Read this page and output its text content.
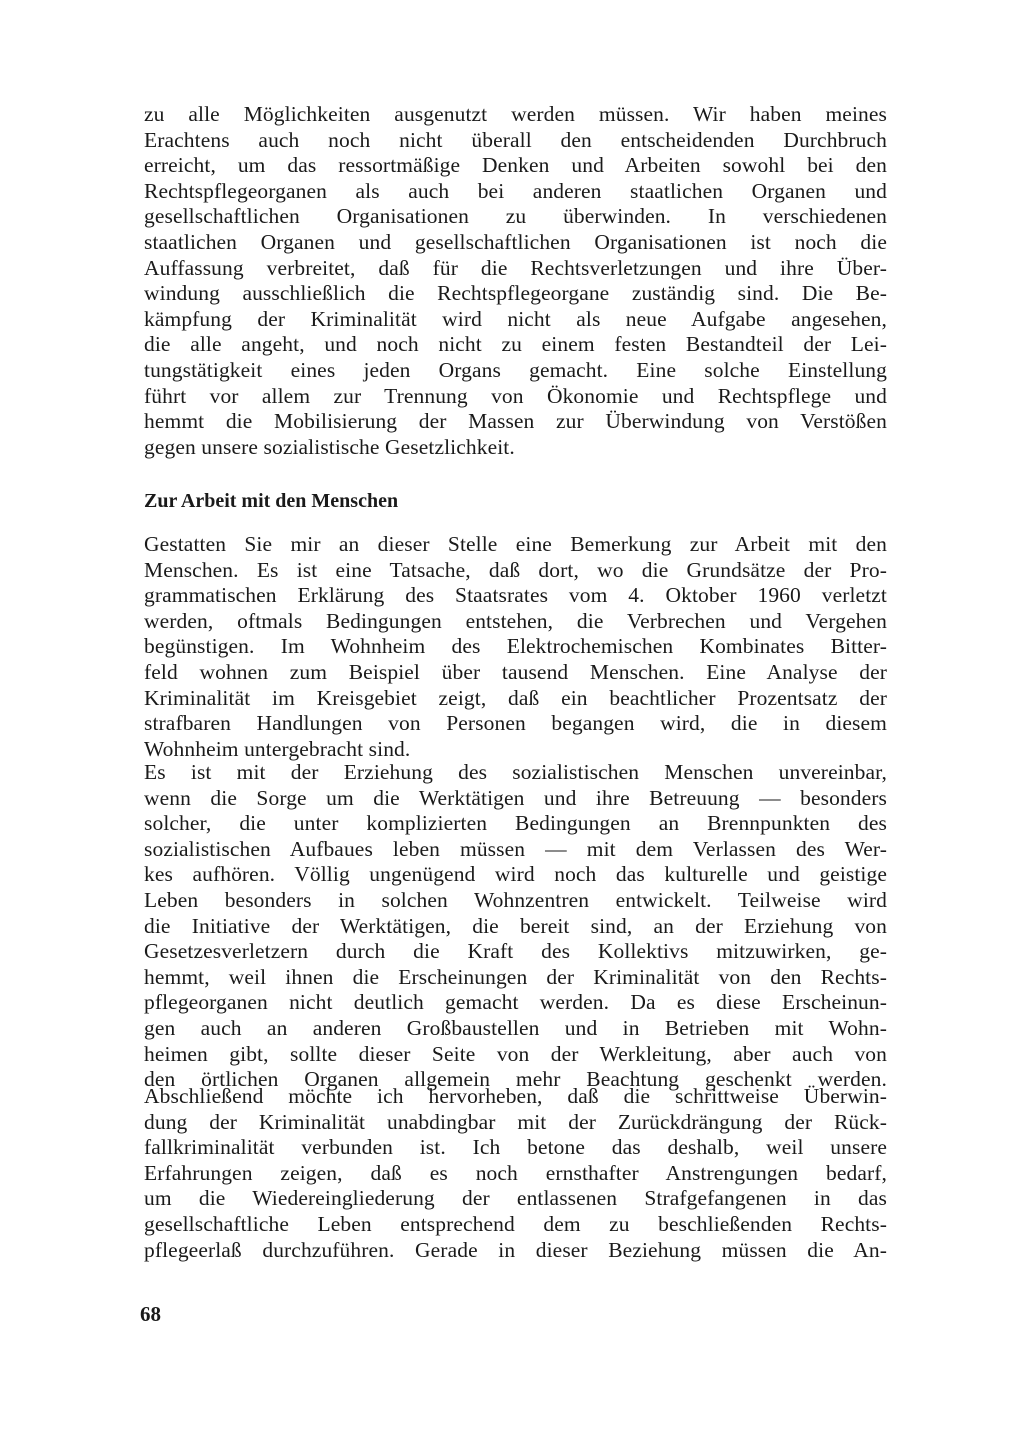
zu alle Möglichkeiten ausgenutzt werden müssen. Wir haben meines
Erachtens auch noch nicht überall den entscheidenden Durchbruch
erreicht, um das ressortmäßige Denken und Arbeiten sowohl bei den
Rechtspflegeorganen als auch bei anderen staatlichen Organen und
gesellschaftlichen Organisationen zu überwinden. In verschiedenen
staatlichen Organen und gesellschaftlichen Organisationen ist noch die
Auffassung verbreitet, daß für die Rechtsverletzungen und ihre Über-
windung ausschließlich die Rechtspflegeorgane zuständig sind. Die Be-
kämpfung der Kriminalität wird nicht als neue Aufgabe angesehen,
die alle angeht, und noch nicht zu einem festen Bestandteil der Lei-
tungstätigkeit eines jeden Organs gemacht. Eine solche Einstellung
führt vor allem zur Trennung von Ökonomie und Rechtspflege und
hemmt die Mobilisierung der Massen zur Überwindung von Verstößen
gegen unsere sozialistische Gesetzlichkeit.
Zur Arbeit mit den Menschen
Gestatten Sie mir an dieser Stelle eine Bemerkung zur Arbeit mit den
Menschen. Es ist eine Tatsache, daß dort, wo die Grundsätze der Pro-
grammatischen Erklärung des Staatsrates vom 4. Oktober 1960 verletzt
werden, oftmals Bedingungen entstehen, die Verbrechen und Vergehen
begünstigen. Im Wohnheim des Elektrochemischen Kombinates Bitter-
feld wohnen zum Beispiel über tausend Menschen. Eine Analyse der
Kriminalität im Kreisgebiet zeigt, daß ein beachtlicher Prozentsatz der
strafbaren Handlungen von Personen begangen wird, die in diesem
Wohnheim untergebracht sind.
Es ist mit der Erziehung des sozialistischen Menschen unvereinbar,
wenn die Sorge um die Werktätigen und ihre Betreuung — besonders
solcher, die unter komplizierten Bedingungen an Brennpunkten des
sozialistischen Aufbaues leben müssen — mit dem Verlassen des Wer-
kes aufhören. Völlig ungenügend wird noch das kulturelle und geistige
Leben besonders in solchen Wohnzentren entwickelt. Teilweise wird
die Initiative der Werktätigen, die bereit sind, an der Erziehung von
Gesetzesverletzern durch die Kraft des Kollektivs mitzuwirken, ge-
hemmt, weil ihnen die Erscheinungen der Kriminalität von den Rechts-
pflegeorganen nicht deutlich gemacht werden. Da es diese Erscheinun-
gen auch an anderen Großbaustellen und in Betrieben mit Wohn-
heimen gibt, sollte dieser Seite von der Werkleitung, aber auch von
den örtlichen Organen allgemein mehr Beachtung geschenkt werden.
Abschließend möchte ich hervorheben, daß die schrittweise Überwin-
dung der Kriminalität unabdingbar mit der Zurückdrängung der Rück-
fallkriminalität verbunden ist. Ich betone das deshalb, weil unsere
Erfahrungen zeigen, daß es noch ernsthafter Anstrengungen bedarf,
um die Wiedereingliederung der entlassenen Strafgefangenen in das
gesellschaftliche Leben entsprechend dem zu beschließenden Rechts-
pflegeerlaß durchzuführen. Gerade in dieser Beziehung müssen die An-
68
